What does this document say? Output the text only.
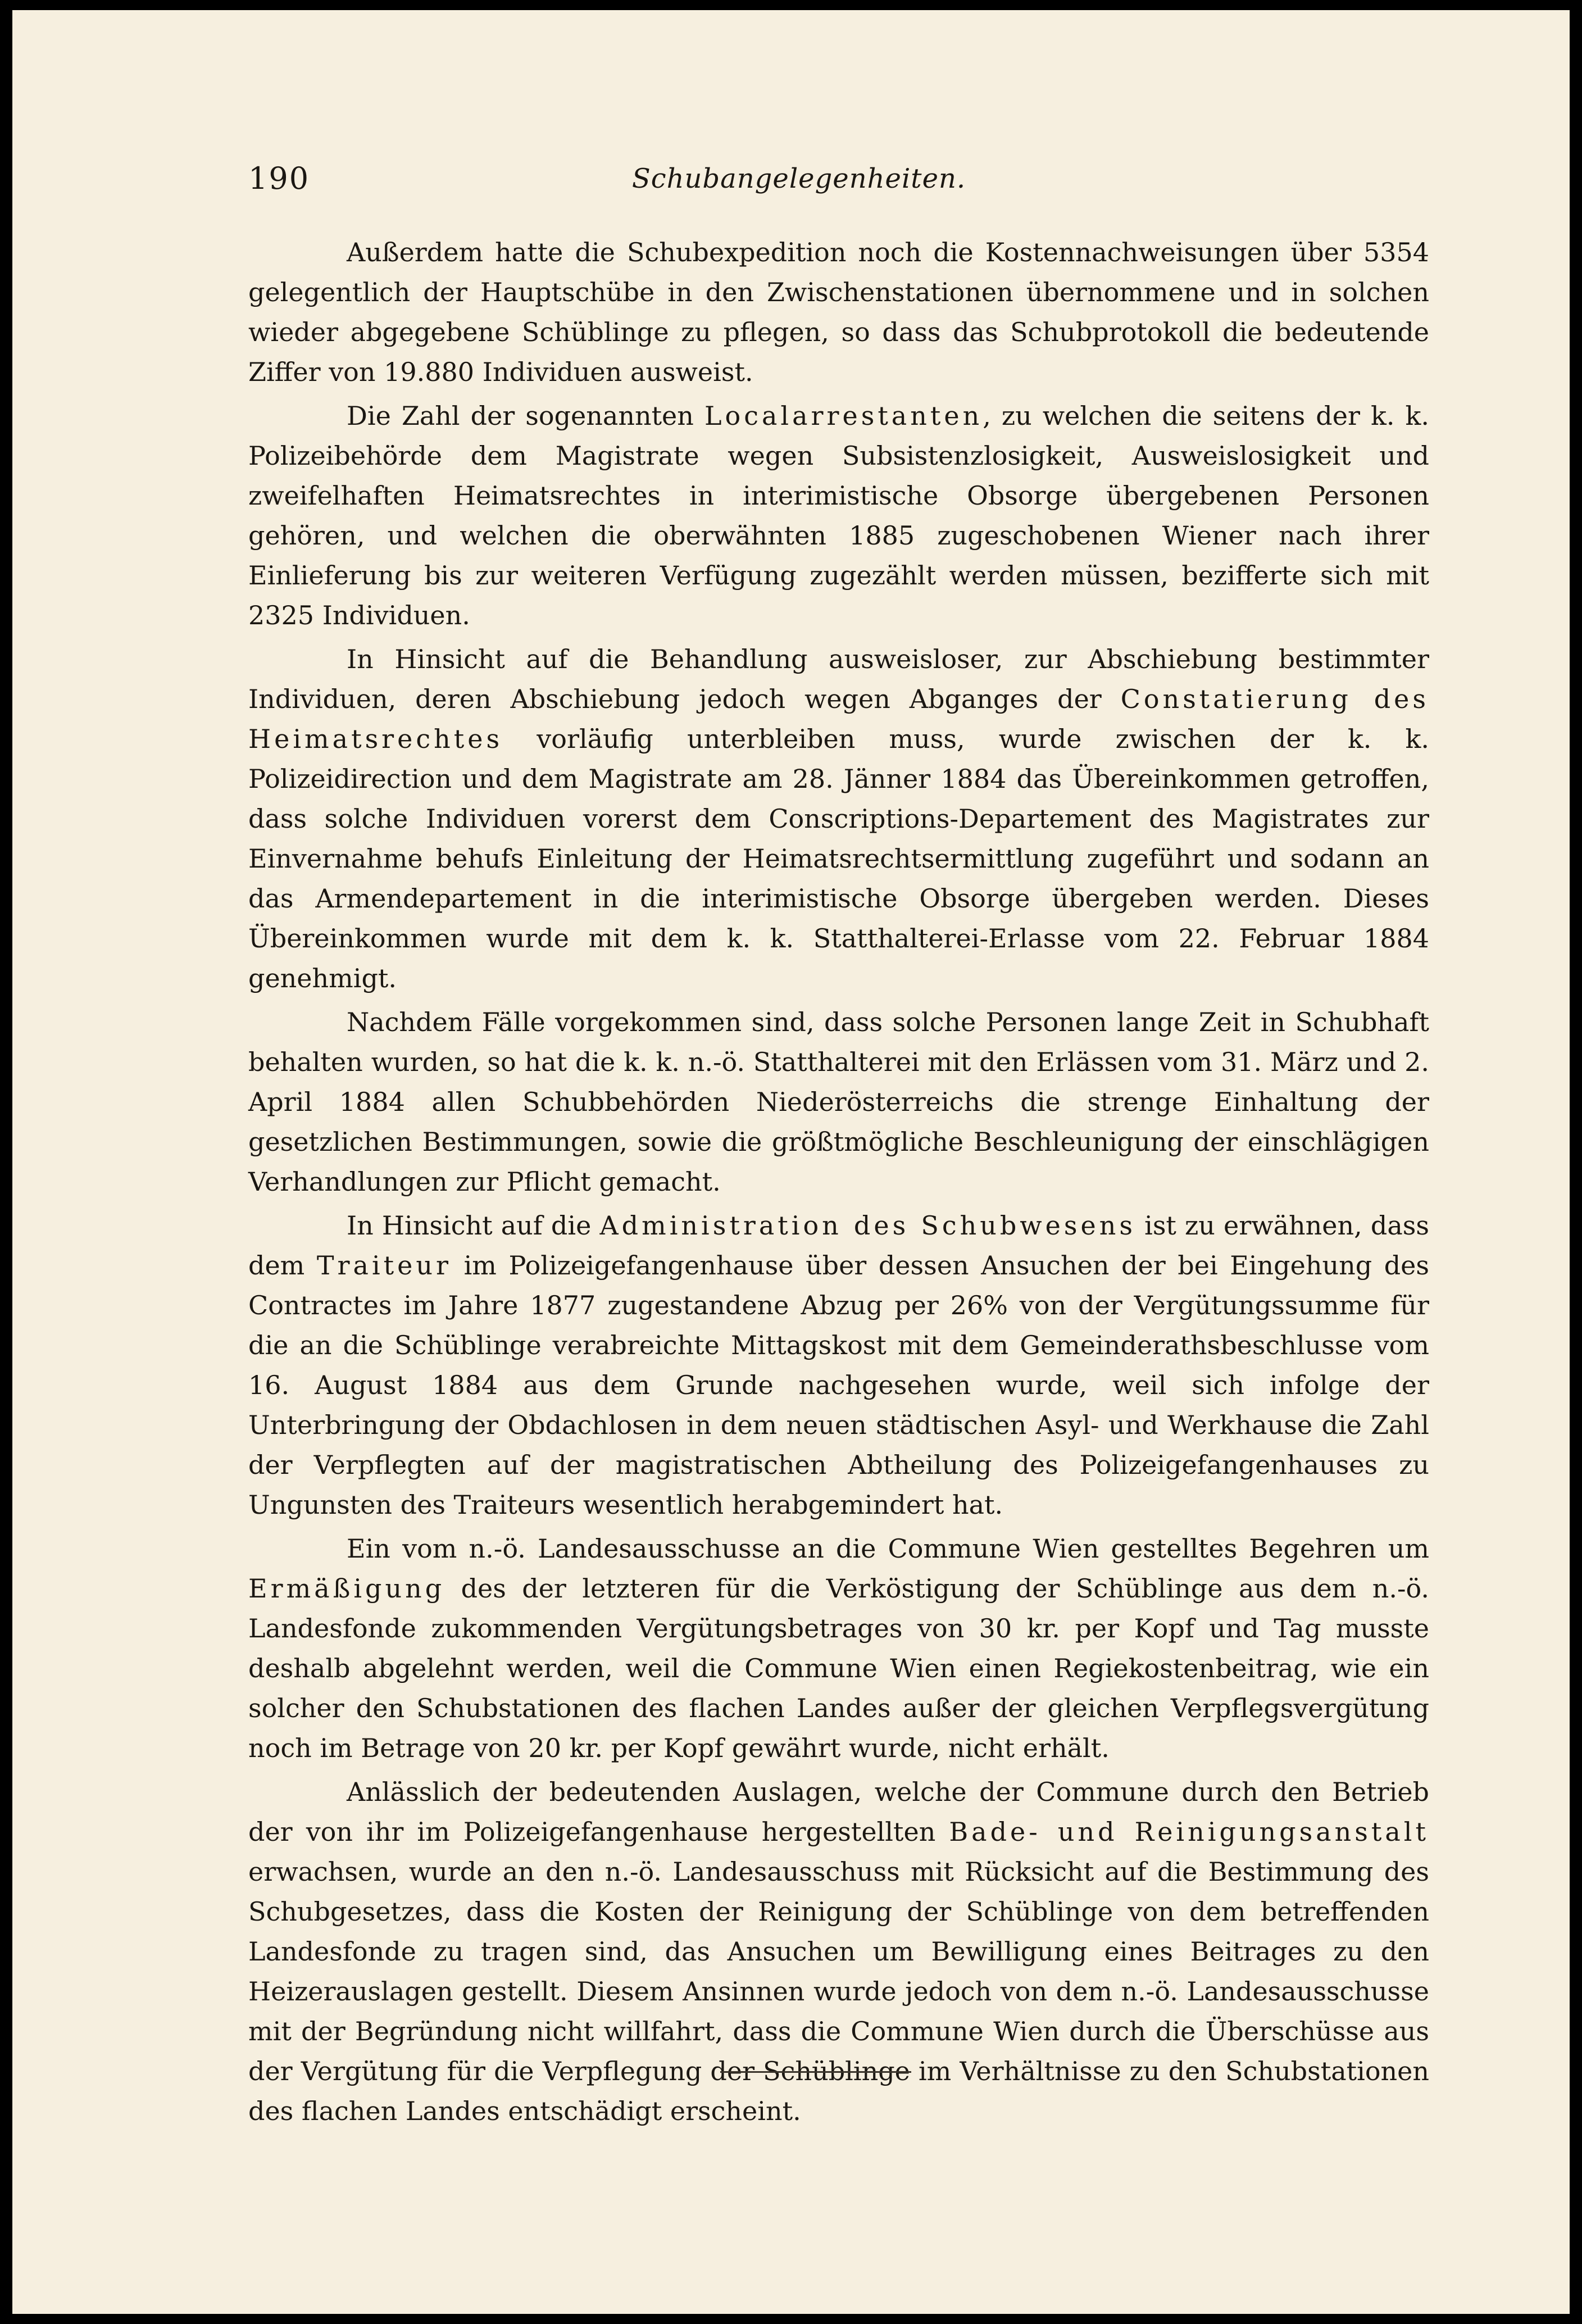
190	Schubangelegenheiten.

Außerdem hatte die Schubexpedition noch die Kostennachweisungen über 5354 gelegentlich der Hauptschübe in den Zwischenstationen übernommene und in solchen wieder abgegebene Schüblinge zu pflegen, so dass das Schubprotokoll die bedeutende Ziffer von 19.880 Individuen ausweist.

Die Zahl der sogenannten Localarrestanten, zu welchen die seitens der k. k. Polizeibehörde dem Magistrate wegen Subsistenzlosigkeit, Ausweislosigkeit und zweifelhaften Heimatsrechtes in interimistische Obsorge übergebenen Personen gehören, und welchen die oberwähnten 1885 zugeschobenen Wiener nach ihrer Einlieferung bis zur weiteren Verfügung zugezählt werden müssen, bezifferte sich mit 2325 Individuen.

In Hinsicht auf die Behandlung ausweisloser, zur Abschiebung bestimmter Individuen, deren Abschiebung jedoch wegen Abganges der Constatierung des Heimatsrechtes vorläufig unterbleiben muss, wurde zwischen der k. k. Polizeidirection und dem Magistrate am 28. Jänner 1884 das Übereinkommen getroffen, dass solche Individuen vorerst dem Conscriptions-Departement des Magistrates zur Einvernahme behufs Einleitung der Heimatsrechtsermittlung zugeführt und sodann an das Armendepartement in die interimistische Obsorge übergeben werden. Dieses Übereinkommen wurde mit dem k. k. Statthalterei-Erlasse vom 22. Februar 1884 genehmigt.

Nachdem Fälle vorgekommen sind, dass solche Personen lange Zeit in Schubhaft behalten wurden, so hat die k. k. n.-ö. Statthalterei mit den Erlässen vom 31. März und 2. April 1884 allen Schubbehörden Niederösterreichs die strenge Einhaltung der gesetzlichen Bestimmungen, sowie die größtmögliche Beschleunigung der einschlägigen Verhandlungen zur Pflicht gemacht.

In Hinsicht auf die Administration des Schubwesens ist zu erwähnen, dass dem Traiteur im Polizeigefangenhause über dessen Ansuchen der bei Eingehung des Contractes im Jahre 1877 zugestandene Abzug per 26% von der Vergütungssumme für die an die Schüblinge verabreichte Mittagskost mit dem Gemeinderathsbeschlusse vom 16. August 1884 aus dem Grunde nachgesehen wurde, weil sich infolge der Unterbringung der Obdachlosen in dem neuen städtischen Asyl- und Werkhause die Zahl der Verpflegten auf der magistratischen Abtheilung des Polizeigefangenhauses zu Ungunsten des Traiteurs wesentlich herabgemindert hat.

Ein vom n.-ö. Landesausschusse an die Commune Wien gestelltes Begehren um Ermäßigung des der letzteren für die Verköstigung der Schüblinge aus dem n.-ö. Landesfonde zukommenden Vergütungsbetrages von 30 kr. per Kopf und Tag musste deshalb abgelehnt werden, weil die Commune Wien einen Regiekostenbeitrag, wie ein solcher den Schubstationen des flachen Landes außer der gleichen Verpflegsvergütung noch im Betrage von 20 kr. per Kopf gewährt wurde, nicht erhält.

Anlässlich der bedeutenden Auslagen, welche der Commune durch den Betrieb der von ihr im Polizeigefangenhause hergestellten Bade- und Reinigungsanstalt erwachsen, wurde an den n.-ö. Landesausschuss mit Rücksicht auf die Bestimmung des Schubgesetzes, dass die Kosten der Reinigung der Schüblinge von dem betreffenden Landesfonde zu tragen sind, das Ansuchen um Bewilligung eines Beitrages zu den Heizerauslagen gestellt. Diesem Ansinnen wurde jedoch von dem n.-ö. Landesausschusse mit der Begründung nicht willfahrt, dass die Commune Wien durch die Überschüsse aus der Vergütung für die Verpflegung der Schüblinge im Verhältnisse zu den Schubstationen des flachen Landes entschädigt erscheint.
